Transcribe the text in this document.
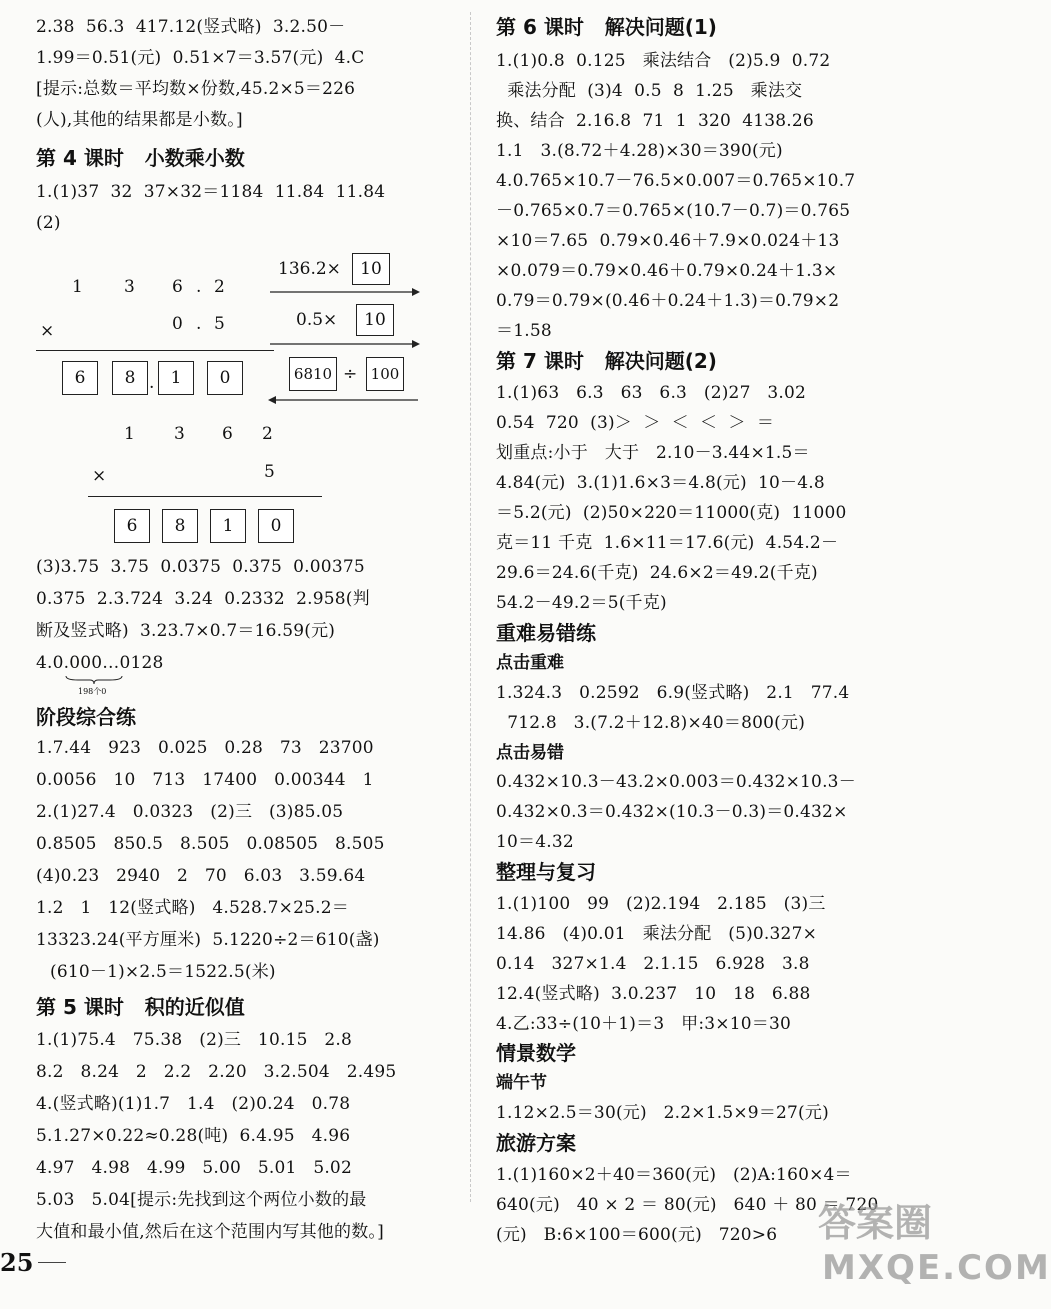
2.38  56.3  417.12(竖式略)  3.2.50－
1.99＝0.51(元)  0.51×7＝3.57(元)  4.C
[提示:总数＝平均数×份数,45.2×5＝226
(人),其他的结果都是小数。]
第 4 课时   小数乘小数
1.(1)37  32  37×32＝1184  11.84  11.84
(2)
1 3 6 . 2
×	0 . 5
6	8 . 1	0
136.2×	10
0.5×	10
6810 ÷ 100
1 3 6 2
×	5
6	8	1	0
(3)3.75  3.75  0.0375  0.375  0.00375
0.375  2.3.724  3.24  0.2332  2.958(判
断及竖式略)  3.23.7×0.7＝16.59(元)
4.0.000…0128
198个0
阶段综合练
1.7.44   923   0.025   0.28   73   23700
0.0056   10   713   17400   0.00344   1
2.(1)27.4   0.0323   (2)三   (3)85.05
0.8505   850.5   8.505   0.08505   8.505
(4)0.23   2940   2   70   6.03   3.59.64
1.2   1   12(竖式略)   4.528.7×25.2＝
13323.24(平方厘米)  5.1220÷2＝610(盏)
(610－1)×2.5＝1522.5(米)
第 5 课时   积的近似值
1.(1)75.4   75.38   (2)三   10.15   2.8
8.2   8.24   2   2.2   2.20   3.2.504   2.495
4.(竖式略)(1)1.7   1.4   (2)0.24   0.78
5.1.27×0.22≈0.28(吨)  6.4.95   4.96
4.97   4.98   4.99   5.00   5.01   5.02
5.03   5.04[提示:先找到这个两位小数的最
大值和最小值,然后在这个范围内写其他的数。]
25
第 6 课时   解决问题(1)
1.(1)0.8  0.125   乘法结合   (2)5.9  0.72
乘法分配  (3)4  0.5  8  1.25   乘法交
换、结合  2.16.8  71  1  320  4138.26
1.1   3.(8.72＋4.28)×30＝390(元)
4.0.765×10.7－76.5×0.007＝0.765×10.7
－0.765×0.7＝0.765×(10.7－0.7)＝0.765
×10＝7.65  0.79×0.46＋7.9×0.024＋13
×0.079＝0.79×0.46＋0.79×0.24＋1.3×
0.79＝0.79×(0.46＋0.24＋1.3)＝0.79×2
＝1.58
第 7 课时   解决问题(2)
1.(1)63   6.3   63   6.3   (2)27   3.02
0.54  720  (3)＞  ＞  ＜  ＜  ＞  ＝
划重点:小于   大于   2.10－3.44×1.5＝
4.84(元)  3.(1)1.6×3＝4.8(元)  10－4.8
＝5.2(元)  (2)50×220＝11000(克)  11000
克＝11 千克  1.6×11＝17.6(元)  4.54.2－
29.6＝24.6(千克)  24.6×2＝49.2(千克)
54.2－49.2＝5(千克)
重难易错练
点击重难
1.324.3   0.2592   6.9(竖式略)   2.1   77.4
712.8   3.(7.2＋12.8)×40＝800(元)
点击易错
0.432×10.3－43.2×0.003＝0.432×10.3－
0.432×0.3＝0.432×(10.3－0.3)＝0.432×
10＝4.32
整理与复习
1.(1)100   99   (2)2.194   2.185   (3)三
14.86   (4)0.01   乘法分配   (5)0.327×
0.14   327×1.4   2.1.15   6.928   3.8
12.4(竖式略)  3.0.237   10   18   6.88
4.乙:33÷(10＋1)＝3   甲:3×10＝30
情景数学
端午节
1.12×2.5＝30(元)   2.2×1.5×9＝27(元)
旅游方案
1.(1)160×2＋40＝360(元)   (2)A:160×4＝
640(元)   40 × 2 ＝ 80(元)   640 ＋ 80 ＝ 720
(元)   B:6×100＝600(元)   720>6 答案圈
MXQE.COM
